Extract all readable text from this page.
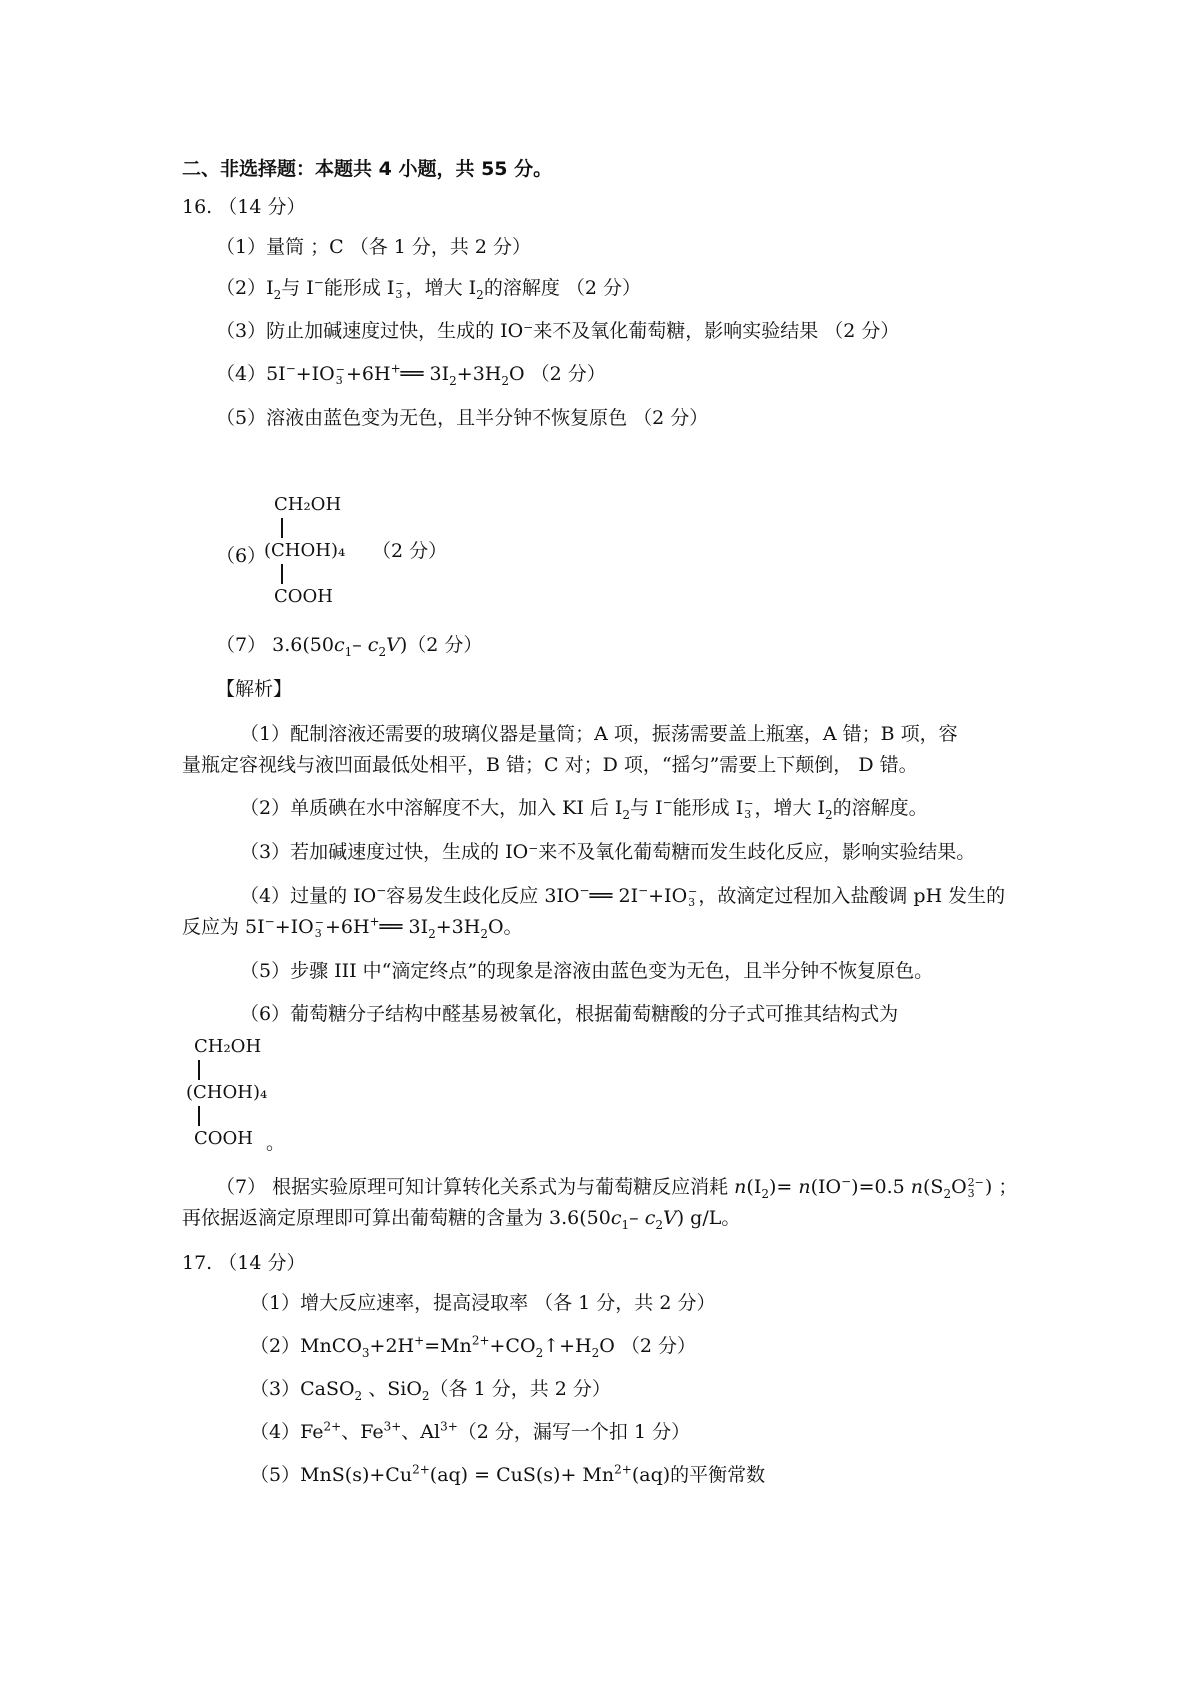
二、非选择题：本题共 4 小题，共 55 分。
16. （14 分）
（1）量筒 ；C （各 1 分，共 2 分）
$(2)I_2$与 I−能形成 I −
3 ，增大 $I_2$的溶解度 （2 分）
（3）防止加碱速度过快，生成的 IO⁻来不及氧化葡萄糖，影响实验结果 （2 分）
（4）5I−+IO −
3 +6H+══ $3I_2+3H_2O$ （2 分）
（5）溶液由蓝色变为无色，且半分钟不恢复原色 （2 分）
（6）
CH₂OH
(CHOH)₄
COOH
（2 分）
（7） $3.6(50c_1-$ $c_2V)(2$ 分）
【解析】
（1）配制溶液还需要的玻璃仪器是量筒；A 项，振荡需要盖上瓶塞，A 错；B 项，容
量瓶定容视线与液凹面最低处相平，B 错；C 对；D 项，“摇匀”需要上下颠倒， D 错。
（2）单质碘在水中溶解度不大，加入 KI 后 $I_2$与 I−能形成 I −
3 ，增大 $I_2$的溶解度。
（3）若加碱速度过快，生成的 IO⁻来不及氧化葡萄糖而发生歧化反应，影响实验结果。
（4）过量的 IO−容易发生歧化反应 3IO−══ 2I−+IO −
3 ，故滴定过程加入盐酸调 pH 发生的
反应为 5I−+IO −
3 +6H+══ $3I_2+3H_2O$。
（5）步骤 III 中“滴定终点”的现象是溶液由蓝色变为无色，且半分钟不恢复原色。
（6）葡萄糖分子结构中醛基易被氧化，根据葡萄糖酸的分子式可推其结构式为
CH₂OH
(CHOH)₄
COOH 。
（7） 根据实验原理可知计算转化关系式为与葡萄糖反应消耗 $n(I_2)= n(IO^-)=0.5$ $n(S_2O$ 2−
3 ) ；
再依据返滴定原理即可算出葡萄糖的含量为 $3.6(50c_1-$ $c_2V$) g/L。
17. （14 分）
（1）增大反应速率，提高浸取率 （各 1 分，共 2 分）
$(2)MnCO_3+2H^+=Mn^{2+}+CO_2↑+H_2O$ （2 分）
（3）CaSO$_2$ 、SiO$_2$（各 1 分，共 2 分）
$(4)Fe^{2+}$、$Fe^{3+}$、$Al^{3+}(2$ 分，漏写一个扣 1 分）
$(5)MnS(s)+Cu^{2+}(aq) = CuS(s)+ Mn^{2+}(aq)$的平衡常数
